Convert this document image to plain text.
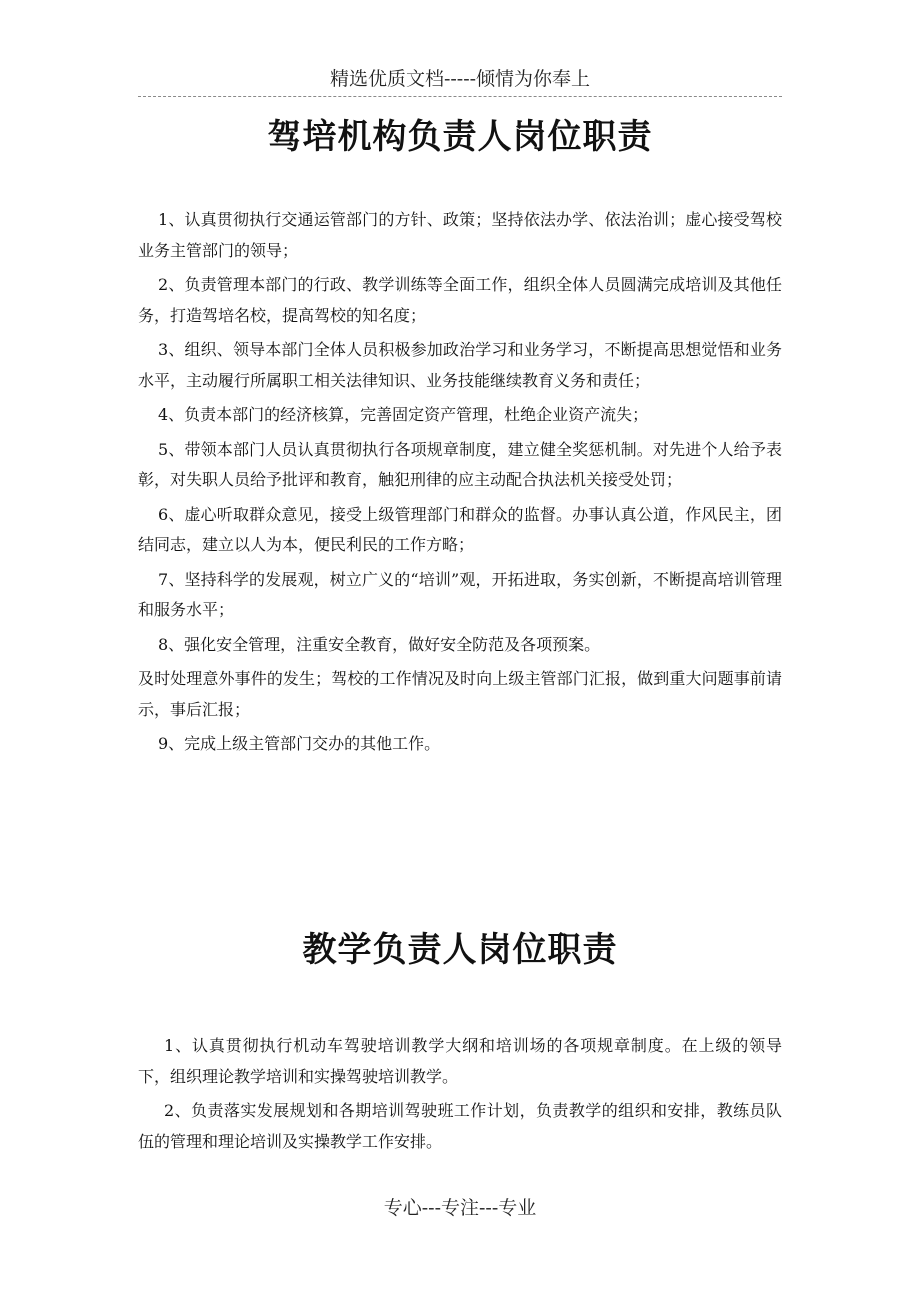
精选优质文档-----倾情为你奉上
驾培机构负责人岗位职责

1、认真贯彻执行交通运管部门的方针、政策；坚持依法办学、依法治训；虚心接受驾校业务主管部门的领导；

2、负责管理本部门的行政、教学训练等全面工作，组织全体人员圆满完成培训及其他任务，打造驾培名校，提高驾校的知名度；

3、组织、领导本部门全体人员积极参加政治学习和业务学习，不断提高思想觉悟和业务水平，主动履行所属职工相关法律知识、业务技能继续教育义务和责任；

4、负责本部门的经济核算，完善固定资产管理，杜绝企业资产流失；

5、带领本部门人员认真贯彻执行各项规章制度，建立健全奖惩机制。对先进个人给予表彰，对失职人员给予批评和教育，触犯刑律的应主动配合执法机关接受处罚；

6、虚心听取群众意见，接受上级管理部门和群众的监督。办事认真公道，作风民主，团结同志，建立以人为本，便民利民的工作方略；

7、坚持科学的发展观，树立广义的“培训”观，开拓进取，务实创新，不断提高培训管理和服务水平；

8、强化安全管理，注重安全教育，做好安全防范及各项预案。

及时处理意外事件的发生；驾校的工作情况及时向上级主管部门汇报，做到重大问题事前请示，事后汇报；

9、完成上级主管部门交办的其他工作。

教学负责人岗位职责

1、认真贯彻执行机动车驾驶培训教学大纲和培训场的各项规章制度。在上级的领导下，组织理论教学培训和实操驾驶培训教学。

2、负责落实发展规划和各期培训驾驶班工作计划，负责教学的组织和安排，教练员队伍的管理和理论培训及实操教学工作安排。

专心---专注---专业
